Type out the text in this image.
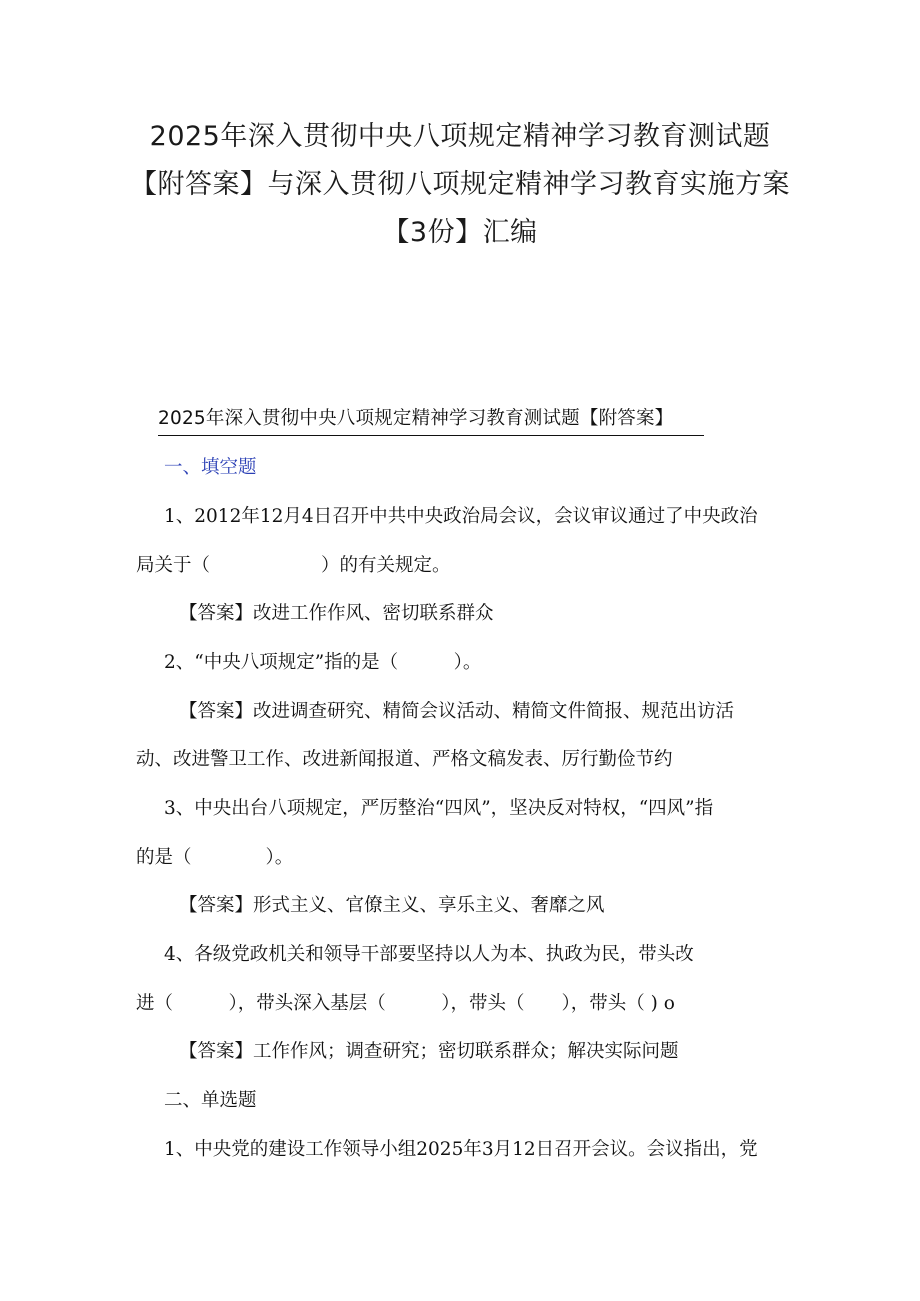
2025年深入贯彻中央八项规定精神学习教育测试题
【附答案】与深入贯彻八项规定精神学习教育实施方案
【3份】汇编
2025年深入贯彻中央八项规定精神学习教育测试题【附答案】
一、填空题
1、2012年12月4日召开中共中央政治局会议，会议审议通过了中央政治
局关于（　　　　　　）的有关规定。
【答案】改进工作作风、密切联系群众
2、“中央八项规定”指的是（　　　）。
【答案】改进调查研究、精简会议活动、精简文件简报、规范出访活
动、改进警卫工作、改进新闻报道、严格文稿发表、厉行勤俭节约
3、中央出台八项规定，严厉整治“四风”，坚决反对特权，“四风”指
的是（　　　　）。
【答案】形式主义、官僚主义、享乐主义、奢靡之风
4、各级党政机关和领导干部要坚持以人为本、执政为民，带头改
进（　　　），带头深入基层（　　　），带头（　　），带头（ ) o
【答案】工作作风；调查研究；密切联系群众；解决实际问题
二、单选题
1、中央党的建设工作领导小组2025年3月12日召开会议。会议指出，党
